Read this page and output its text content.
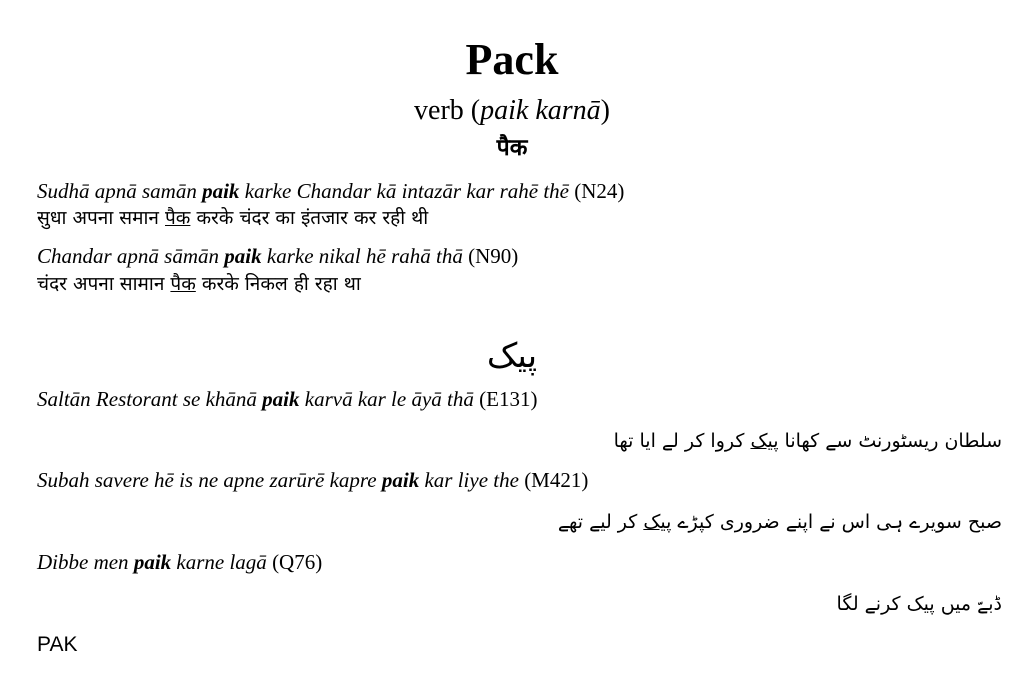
Pack
verb (paik karnā)
पैक
Sudhā apnā samān paik karke Chandar kā intazār kar rahē thē (N24)
सुधा अपना समान पैक करके चंदर का इंतजार कर रही थी
Chandar apnā sāmān paik karke nikal hē rahā thā (N90)
चंदर अपना सामान पैक करके निकल ही रहा था
پیک
Saltān Restorant se khānā paik karvā kar le āyā thā (E131)
سلطان ریسٹورنٹ سے کھانا پیک کروا کر لے ایا تھا
Subah savere hē is ne apne zarūrē kapre paik kar liye the (M421)
صبح سویرے ہی اس نے اپنے ضروری کپڑے پیک کر لیے تھے
Dibbe men paik karne lagā (Q76)
ڈبےّ میں پیک کرنے لگا
PAK
